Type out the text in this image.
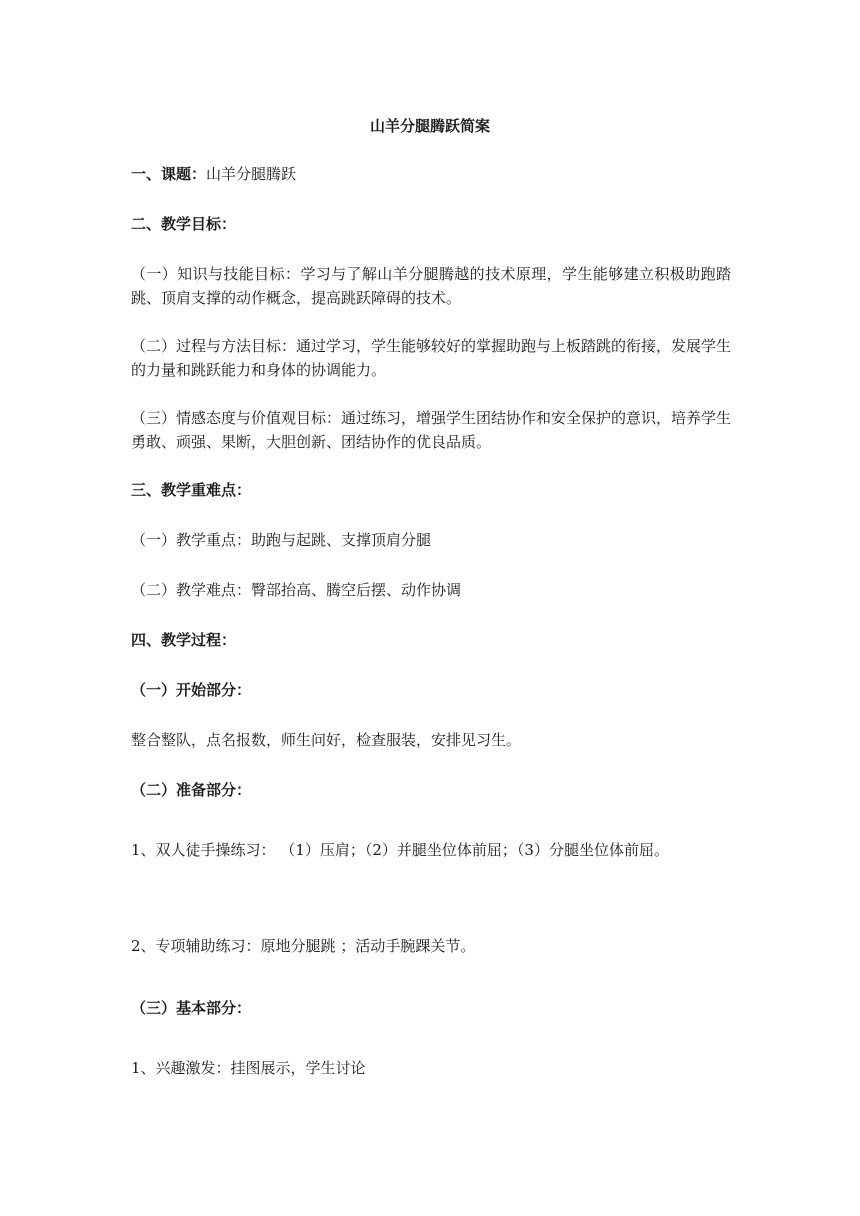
山羊分腿腾跃简案

一、课题：山羊分腿腾跃

二、教学目标：

（一）知识与技能目标：学习与了解山羊分腿腾越的技术原理，学生能够建立积极助跑踏跳、顶肩支撑的动作概念，提高跳跃障碍的技术。

（二）过程与方法目标：通过学习，学生能够较好的掌握助跑与上板踏跳的衔接，发展学生的力量和跳跃能力和身体的协调能力。

（三）情感态度与价值观目标：通过练习，增强学生团结协作和安全保护的意识，培养学生勇敢、顽强、果断，大胆创新、团结协作的优良品质。

三、教学重难点：

（一）教学重点：助跑与起跳、支撑顶肩分腿

（二）教学难点：臀部抬高、腾空后摆、动作协调

四、教学过程：

（一）开始部分：

整合整队，点名报数，师生问好，检查服装，安排见习生。

（二）准备部分：

1、双人徒手操练习： （1）压肩；（2）并腿坐位体前屈；（3）分腿坐位体前屈。

2、专项辅助练习：原地分腿跳 ；活动手腕踝关节。

（三）基本部分：

1、兴趣激发：挂图展示，学生讨论
